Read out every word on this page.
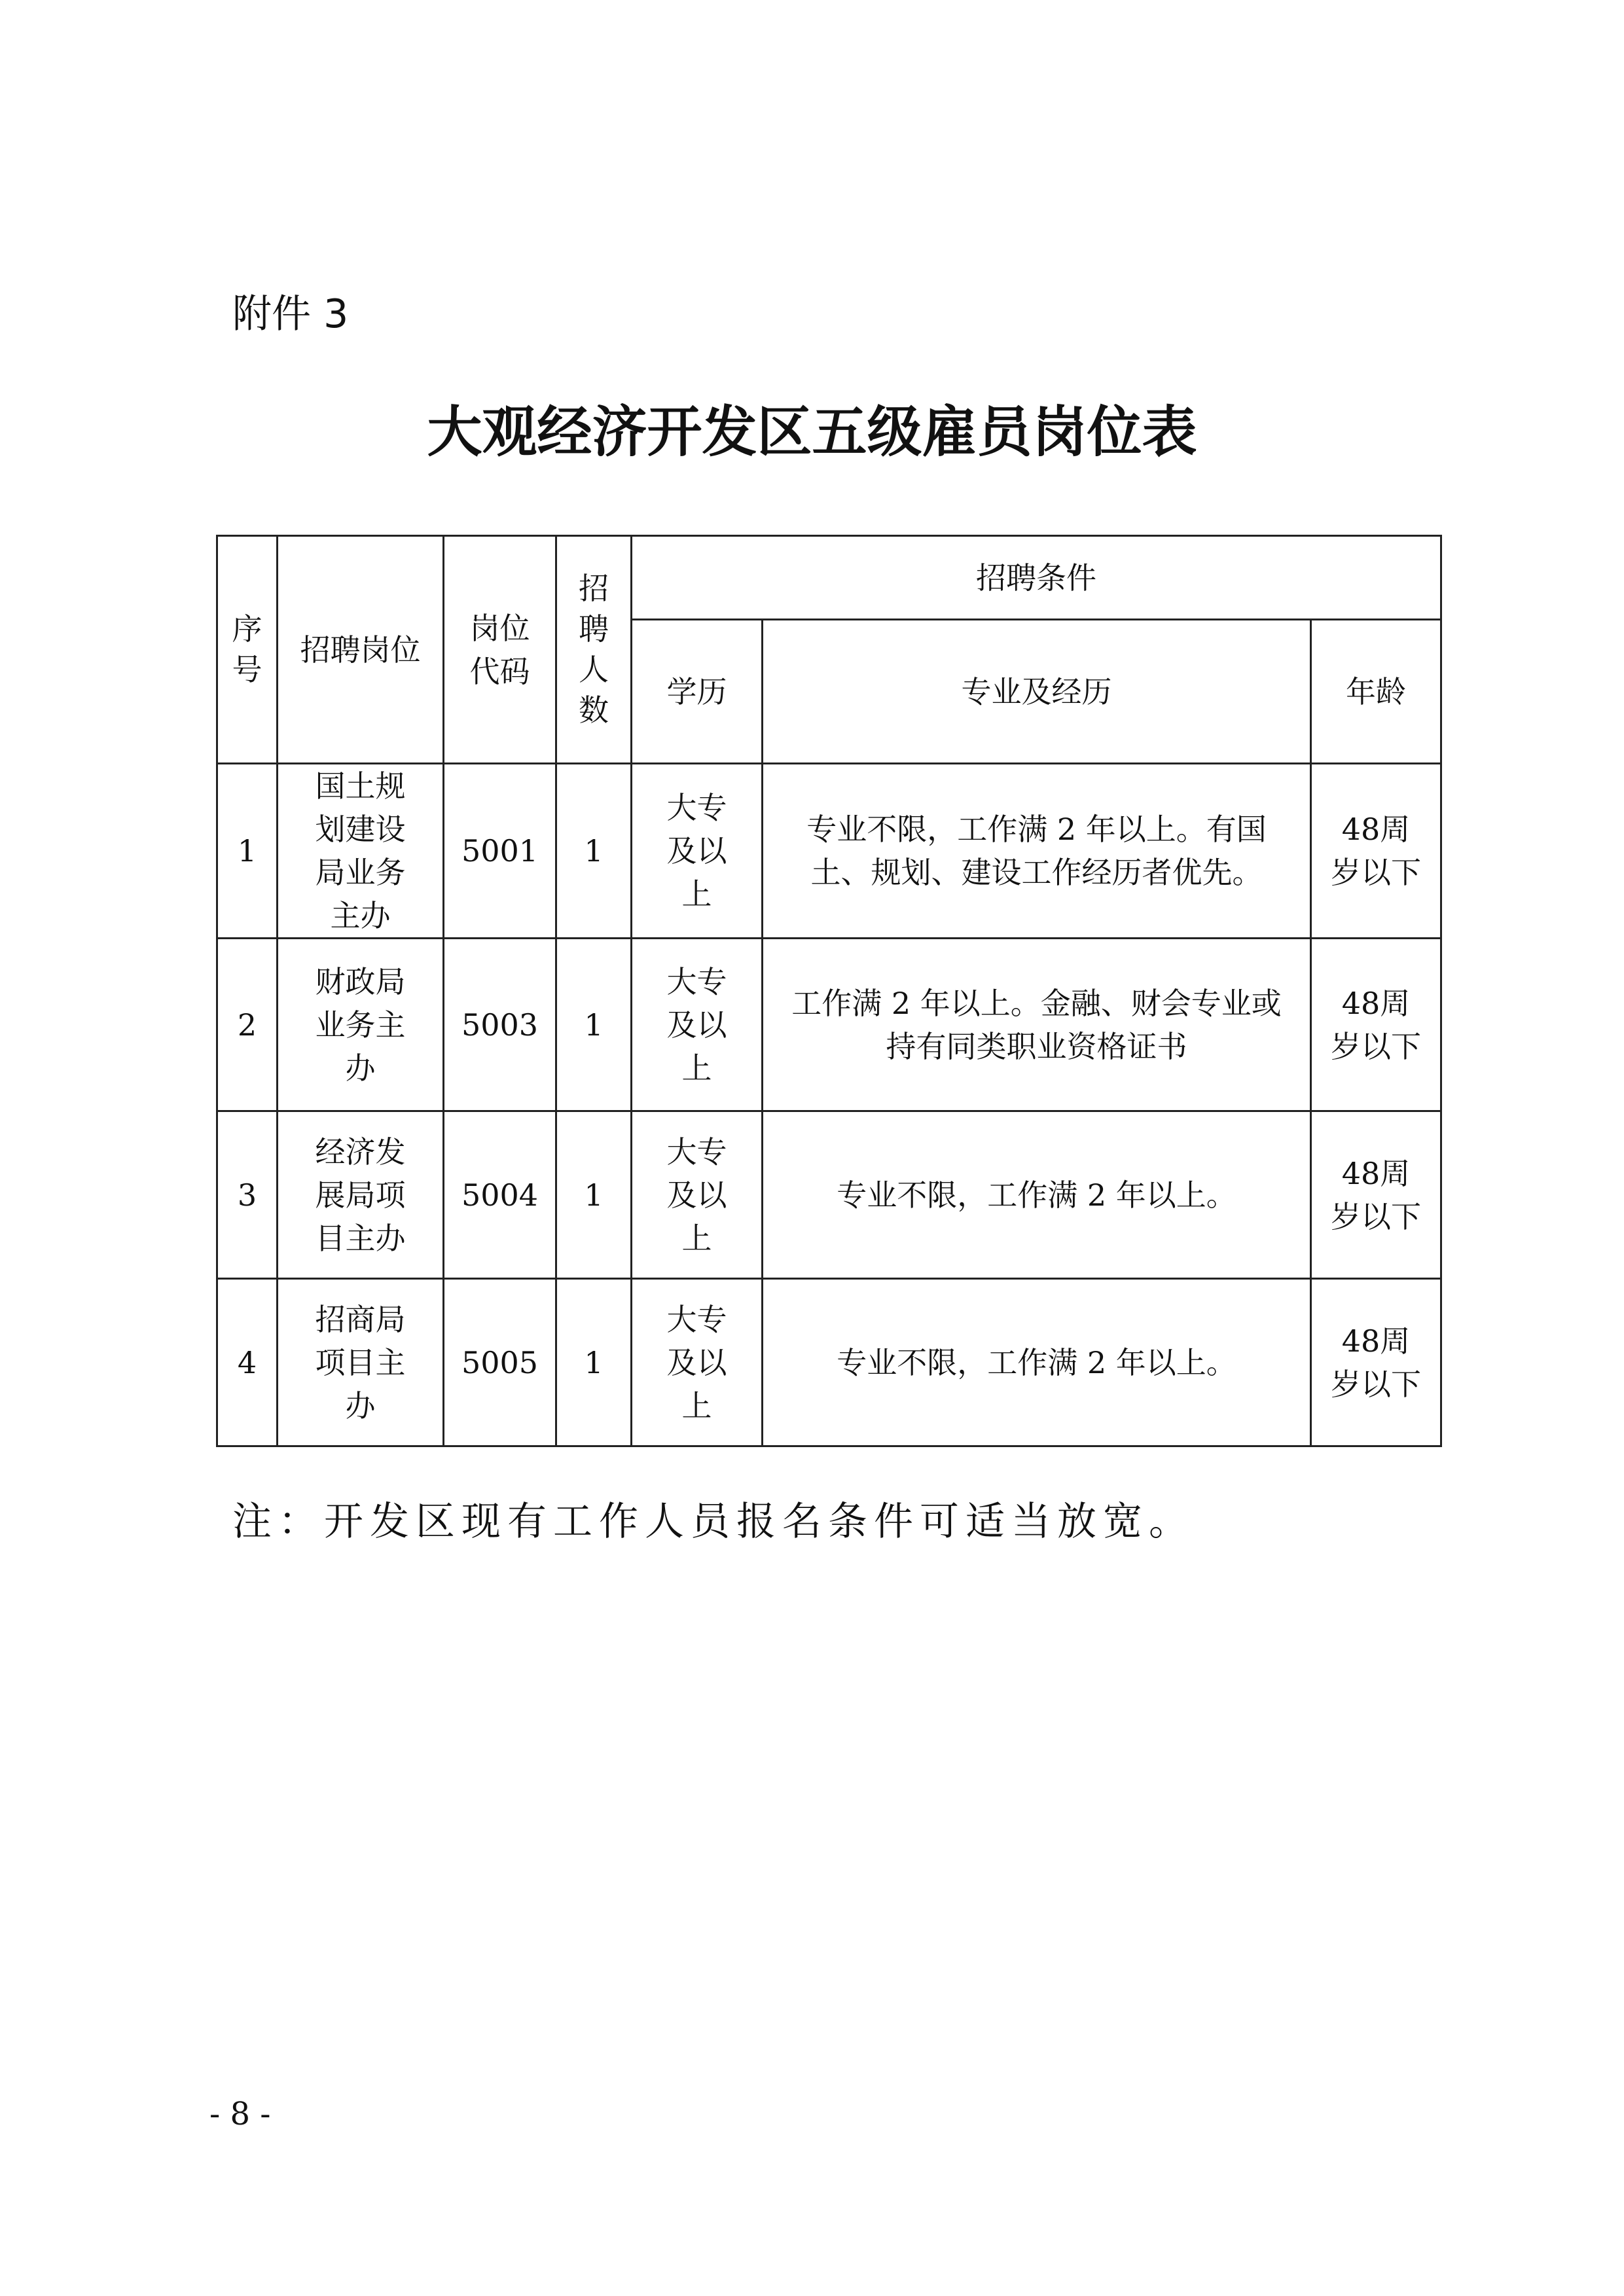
附件 3
大观经济开发区五级雇员岗位表
序号	招聘岗位	岗位代码	招聘人数	招聘条件		
				学历	专业及经历	年龄
1	国土规划建设局业务主办	5001	1	大专及以上	专业不限，工作满 2 年以上。有国土、规划、建设工作经历者优先。	48周岁以下
2	财政局业务主办	5003	1	大专及以上	工作满 2 年以上。金融、财会专业或持有同类职业资格证书	48周岁以下
3	经济发展局项目主办	5004	1	大专及以上	专业不限，工作满 2 年以上。	48周岁以下
4	招商局项目主办	5005	1	大专及以上	专业不限，工作满 2 年以上。	48周岁以下
注：开发区现有工作人员报名条件可适当放宽。
- 8 -
